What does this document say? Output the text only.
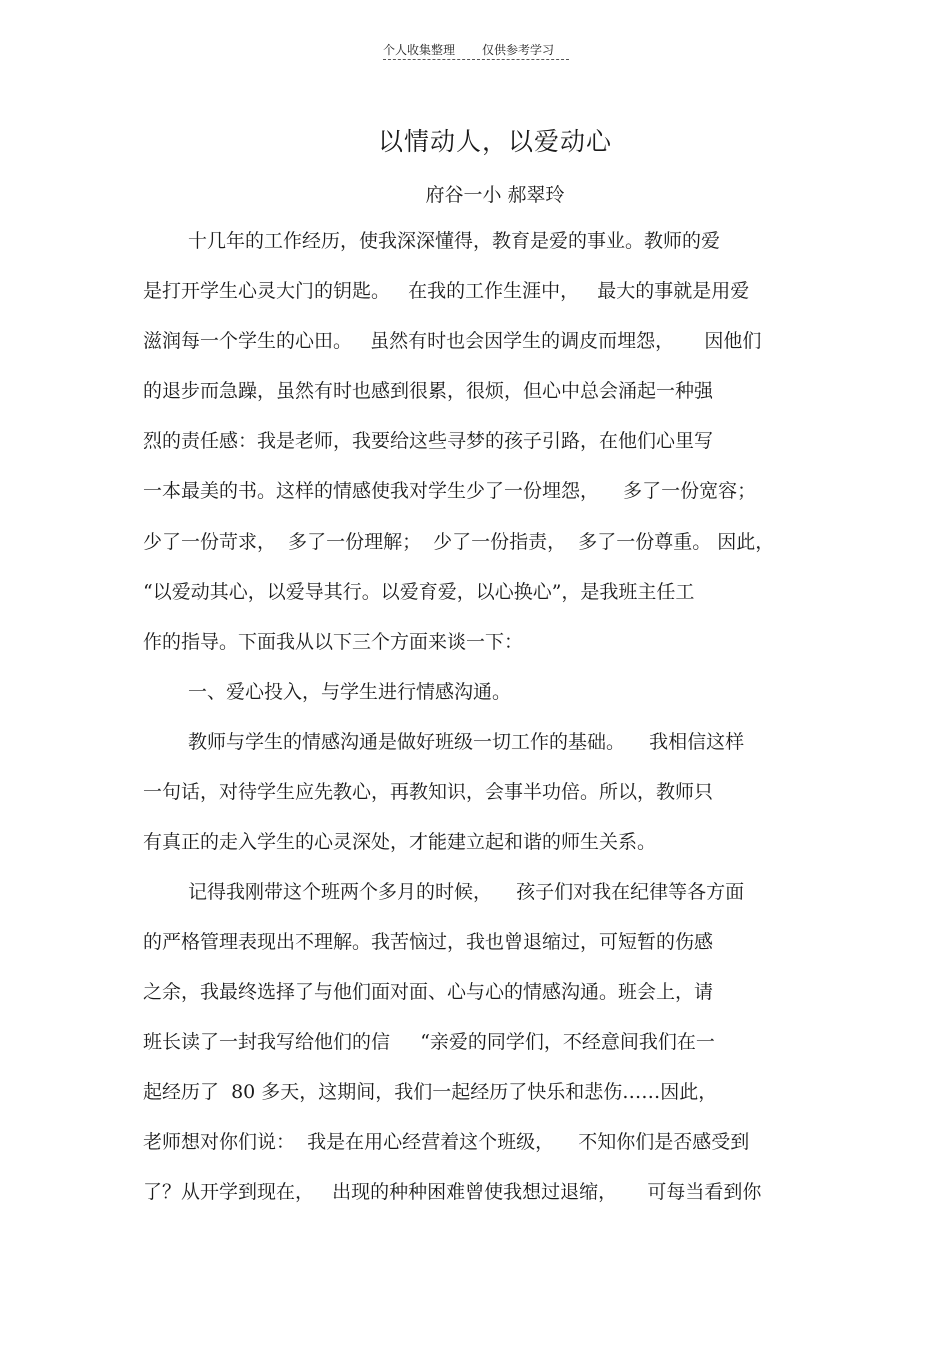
个人收集整理 仅供参考学习
以情动人，以爱动心
府谷一小 郝翠玲
十几年的工作经历，使我深深懂得，教育是爱的事业。教师的爱
是打开学生心灵大门的钥匙。   在我的工作生涯中，   最大的事就是用爱
滋润每一个学生的心田。   虽然有时也会因学生的调皮而埋怨，     因他们
的退步而急躁，虽然有时也感到很累，很烦，但心中总会涌起一种强
烈的责任感：我是老师，我要给这些寻梦的孩子引路，在他们心里写
一本最美的书。这样的情感使我对学生少了一份埋怨，    多了一份宽容；
少了一份苛求，  多了一份理解；  少了一份指责，  多了一份尊重。 因此，
“以爱动其心，以爱导其行。以爱育爱，以心换心”，是我班主任工
作的指导。下面我从以下三个方面来谈一下：
一、爱心投入，与学生进行情感沟通。
教师与学生的情感沟通是做好班级一切工作的基础。    我相信这样
一句话，对待学生应先教心，再教知识，会事半功倍。所以，教师只
有真正的走入学生的心灵深处，才能建立起和谐的师生关系。
记得我刚带这个班两个多月的时候，    孩子们对我在纪律等各方面
的严格管理表现出不理解。我苦恼过，我也曾退缩过，可短暂的伤感
之余，我最终选择了与他们面对面、心与心的情感沟通。班会上，请
班长读了一封我写给他们的信     “亲爱的同学们，不经意间我们在一
起经历了  80 多天，这期间，我们一起经历了快乐和悲伤……因此，
老师想对你们说：  我是在用心经营着这个班级，    不知你们是否感受到
了？从开学到现在，   出现的种种困难曾使我想过退缩，     可每当看到你
